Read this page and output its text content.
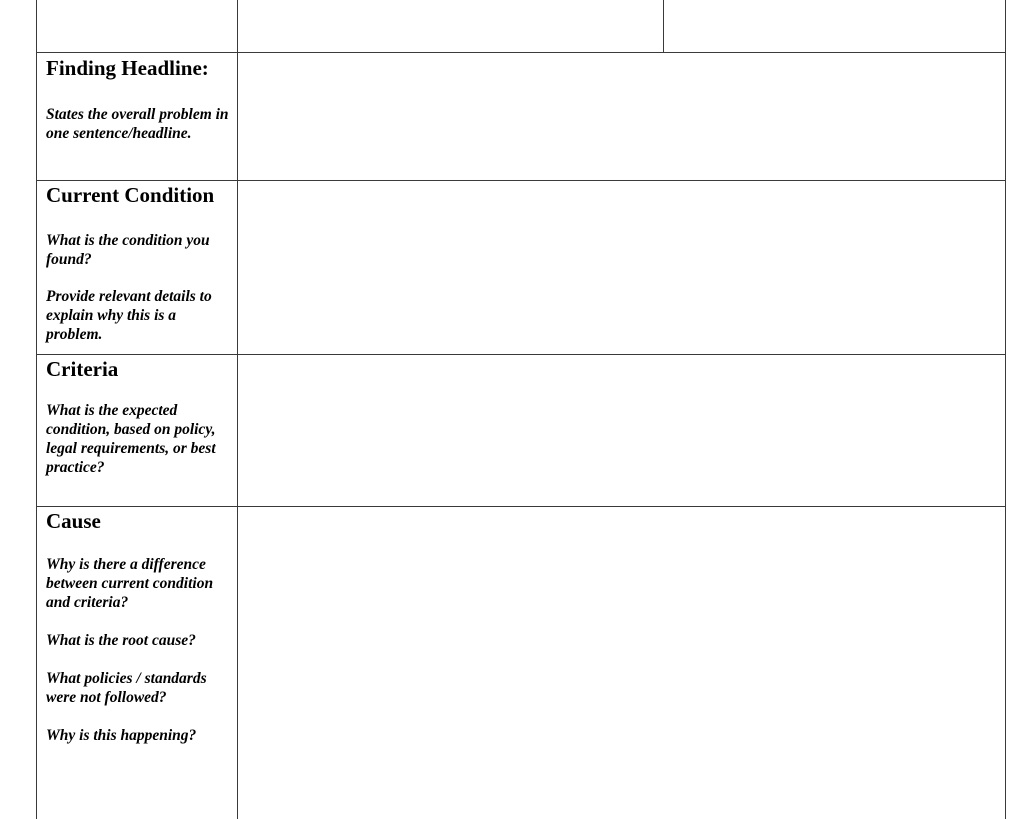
Finding Headline:

States the overall problem in one sentence/headline.

Current Condition

What is the condition you found?

Provide relevant details to explain why this is a problem.

Criteria

What is the expected condition, based on policy, legal requirements, or best practice?

Cause

Why is there a difference between current condition and criteria?

What is the root cause?

What policies / standards were not followed?

Why is this happening?
